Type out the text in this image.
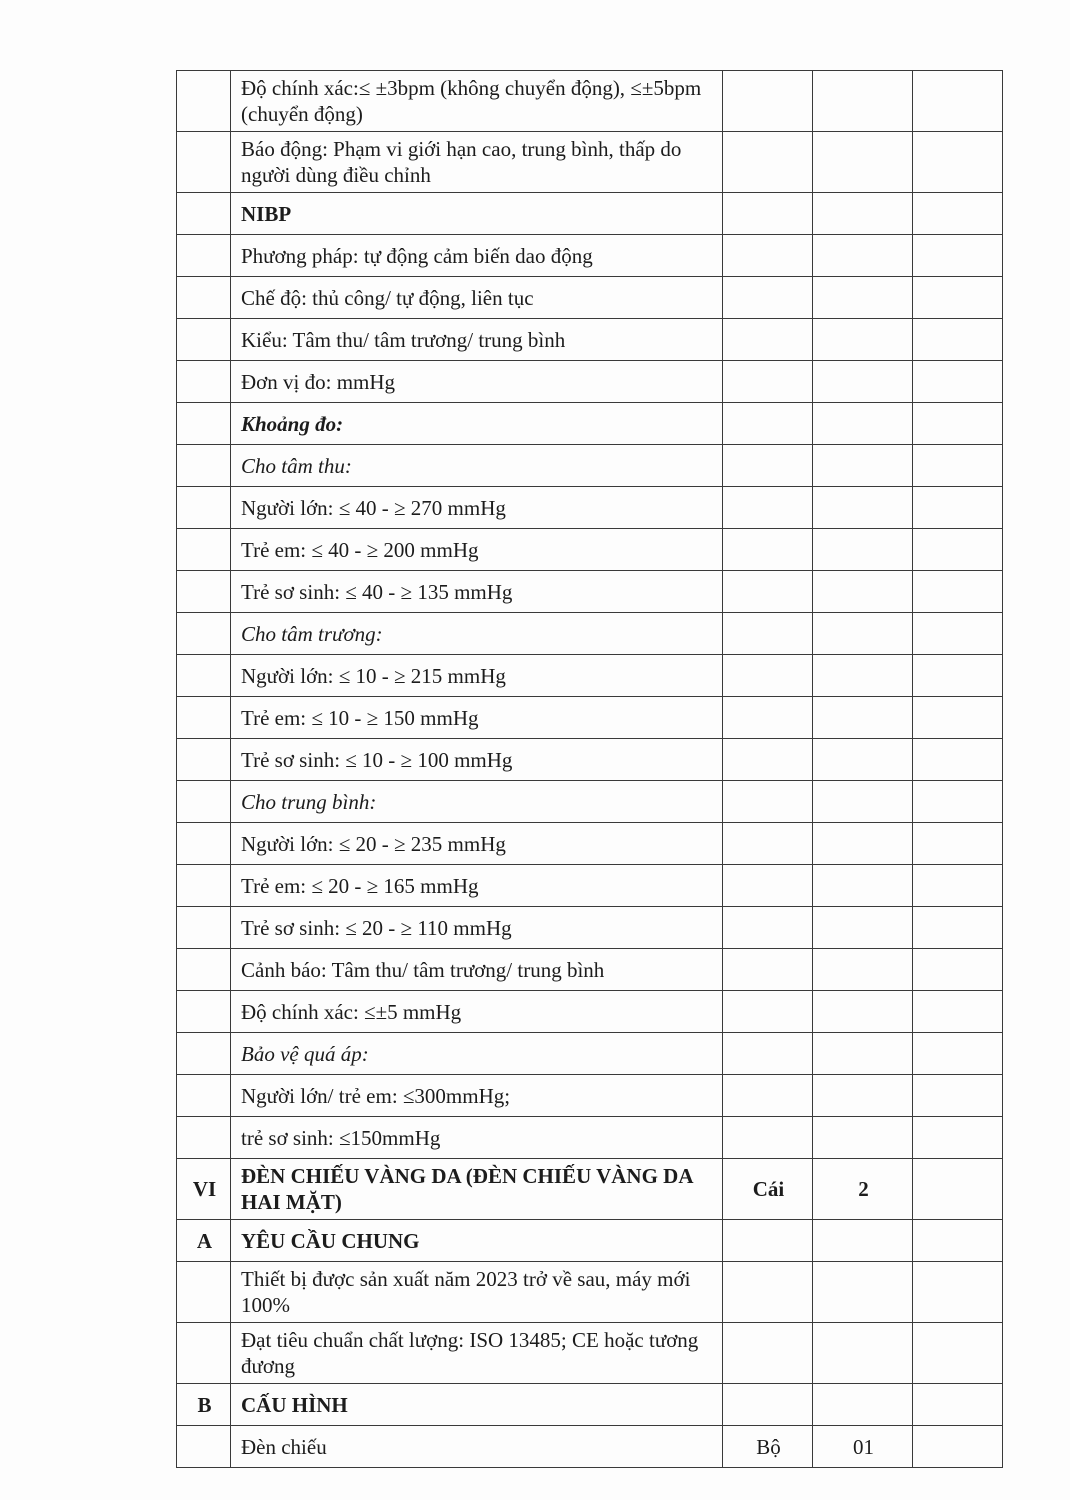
	Độ chính xác:≤ ±3bpm (không chuyển động), ≤±5bpm (chuyển động)			
	Báo động: Phạm vi giới hạn cao, trung bình, thấp do người dùng điều chỉnh			
	NIBP			
	Phương pháp: tự động cảm biến dao động			
	Chế độ: thủ công/ tự động, liên tục			
	Kiểu: Tâm thu/ tâm trương/ trung bình			
	Đơn vị đo: mmHg			
	Khoảng đo:			
	Cho tâm thu:			
	Người lớn: ≤ 40 - ≥ 270 mmHg			
	Trẻ em: ≤ 40 - ≥ 200 mmHg			
	Trẻ sơ sinh: ≤ 40 - ≥ 135 mmHg			
	Cho tâm trương:			
	Người lớn: ≤ 10 - ≥ 215 mmHg			
	Trẻ em: ≤ 10 - ≥ 150 mmHg			
	Trẻ sơ sinh: ≤ 10 - ≥ 100 mmHg			
	Cho trung bình:			
	Người lớn: ≤ 20 - ≥ 235 mmHg			
	Trẻ em: ≤ 20 - ≥ 165 mmHg			
	Trẻ sơ sinh: ≤ 20 - ≥ 110 mmHg			
	Cảnh báo: Tâm thu/ tâm trương/ trung bình			
	Độ chính xác: ≤±5 mmHg			
	Bảo vệ quá áp:			
	Người lớn/ trẻ em: ≤300mmHg;			
	trẻ sơ sinh: ≤150mmHg			
VI	ĐÈN CHIẾU VÀNG DA (ĐÈN CHIẾU VÀNG DA HAI MẶT)	Cái	2	
A	YÊU CẦU CHUNG			
	Thiết bị được sản xuất năm 2023 trở về sau, máy mới 100%			
	Đạt tiêu chuẩn chất lượng: ISO 13485; CE hoặc tương đương			
B	CẤU HÌNH			
	Đèn chiếu	Bộ	01	
